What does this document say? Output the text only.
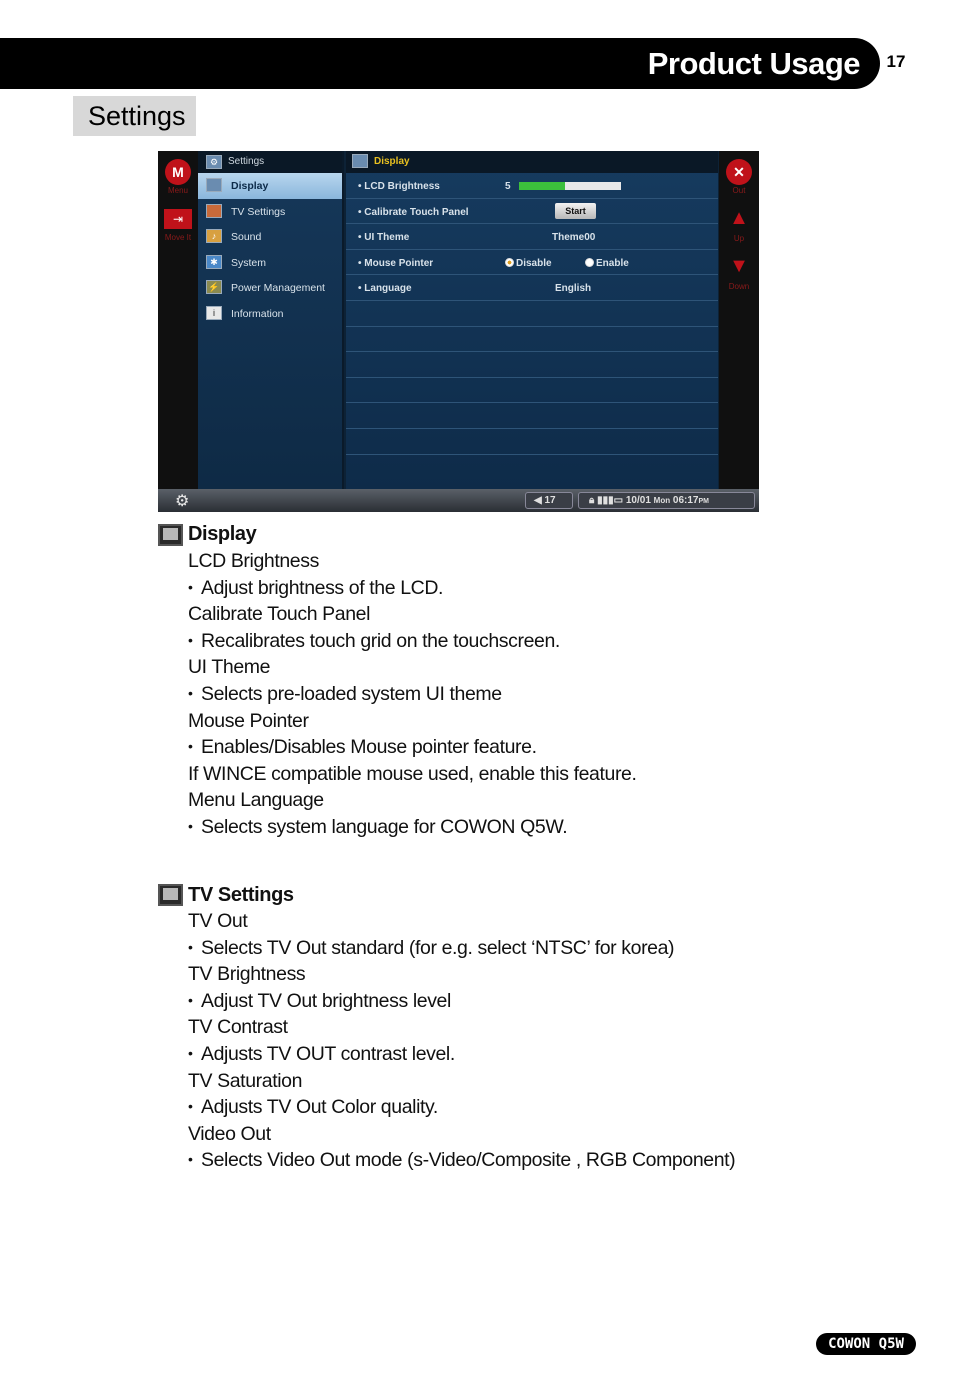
Product Usage	17
Settings
M
Menu
⇥
Move It
⚙ Settings
Display
TV Settings
♪	Sound
✱	System
⚡ Power Management
i	Information
Display
• LCD Brightness	5
• Calibrate Touch Panel	Start
• UI Theme	Theme00
• Mouse Pointer	Disable	Enable
• Language	English
✕
Out
▲
Up
▼
Down
⚙	◀ 17	🔒︎ ▮▮▮▭ 10/01 Mon 06:17PM
Display
LCD Brightness
• Adjust brightness of the LCD.
Calibrate Touch Panel
• Recalibrates touch grid on the touchscreen.
UI Theme
• Selects pre-loaded system UI theme
Mouse Pointer
• Enables/Disables Mouse pointer feature.
If WINCE compatible mouse used, enable this feature.
Menu Language
• Selects system language for COWON Q5W.
TV Settings
TV Out
• Selects TV Out standard (for e.g. select ‘NTSC’ for korea)
TV Brightness
• Adjust TV Out brightness level
TV Contrast
• Adjusts TV OUT contrast level.
TV Saturation
• Adjusts TV Out Color quality.
Video Out
• Selects Video Out mode (s-Video/Composite , RGB Component)
COWON Q5W
